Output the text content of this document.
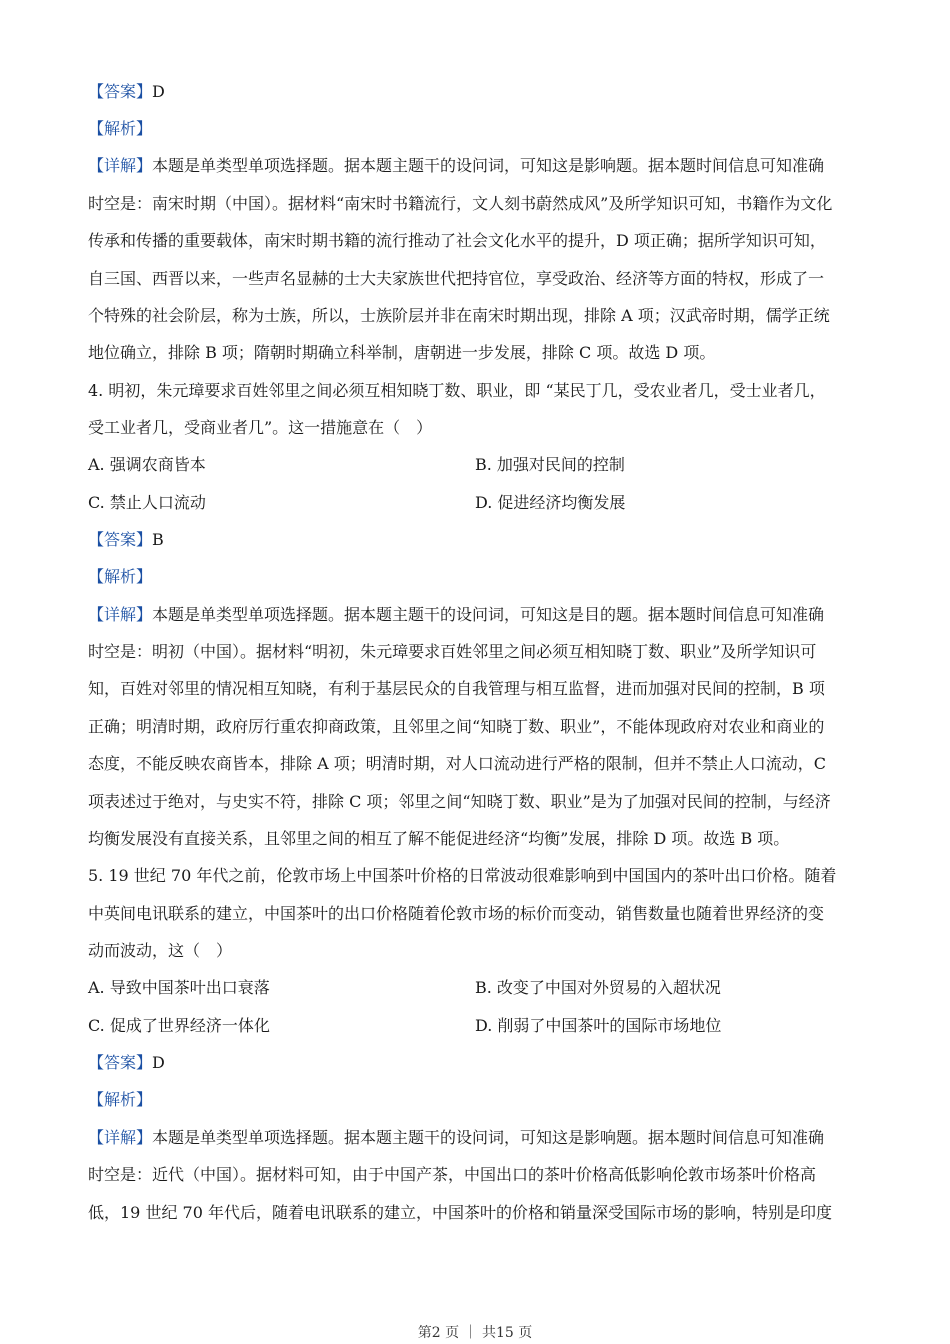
【答案】D
【解析】
【详解】本题是单类型单项选择题。据本题主题干的设问词，可知这是影响题。据本题时间信息可知准确
时空是：南宋时期（中国）。据材料“南宋时书籍流行，文人刻书蔚然成风”及所学知识可知，书籍作为文化
传承和传播的重要载体，南宋时期书籍的流行推动了社会文化水平的提升，D 项正确；据所学知识可知，
自三国、西晋以来，一些声名显赫的士大夫家族世代把持官位，享受政治、经济等方面的特权，形成了一
个特殊的社会阶层，称为士族，所以，士族阶层并非在南宋时期出现，排除 A 项；汉武帝时期，儒学正统
地位确立，排除 B 项；隋朝时期确立科举制，唐朝进一步发展，排除 C 项。故选 D 项。
4. 明初，朱元璋要求百姓邻里之间必须互相知晓丁数、职业，即 “某民丁几，受农业者几，受士业者几，
受工业者几，受商业者几”。这一措施意在（　）
A. 强调农商皆本	B. 加强对民间的控制
C. 禁止人口流动	D. 促进经济均衡发展
【答案】B
【解析】
【详解】本题是单类型单项选择题。据本题主题干的设问词，可知这是目的题。据本题时间信息可知准确
时空是：明初（中国）。据材料“明初，朱元璋要求百姓邻里之间必须互相知晓丁数、职业”及所学知识可
知，百姓对邻里的情况相互知晓，有利于基层民众的自我管理与相互监督，进而加强对民间的控制，B 项
正确；明清时期，政府厉行重农抑商政策，且邻里之间“知晓丁数、职业”，不能体现政府对农业和商业的
态度，不能反映农商皆本，排除 A 项；明清时期，对人口流动进行严格的限制，但并不禁止人口流动，C
项表述过于绝对，与史实不符，排除 C 项；邻里之间“知晓丁数、职业”是为了加强对民间的控制，与经济
均衡发展没有直接关系，且邻里之间的相互了解不能促进经济“均衡”发展，排除 D 项。故选 B 项。
5. 19 世纪 70 年代之前，伦敦市场上中国茶叶价格的日常波动很难影响到中国国内的茶叶出口价格。随着
中英间电讯联系的建立，中国茶叶的出口价格随着伦敦市场的标价而变动，销售数量也随着世界经济的变
动而波动，这（　）
A. 导致中国茶叶出口衰落	B. 改变了中国对外贸易的入超状况
C. 促成了世界经济一体化	D. 削弱了中国茶叶的国际市场地位
【答案】D
【解析】
【详解】本题是单类型单项选择题。据本题主题干的设问词，可知这是影响题。据本题时间信息可知准确
时空是：近代（中国）。据材料可知，由于中国产茶，中国出口的茶叶价格高低影响伦敦市场茶叶价格高
低，19 世纪 70 年代后，随着电讯联系的建立，中国茶叶的价格和销量深受国际市场的影响，特别是印度
第2 页 ｜ 共15 页
